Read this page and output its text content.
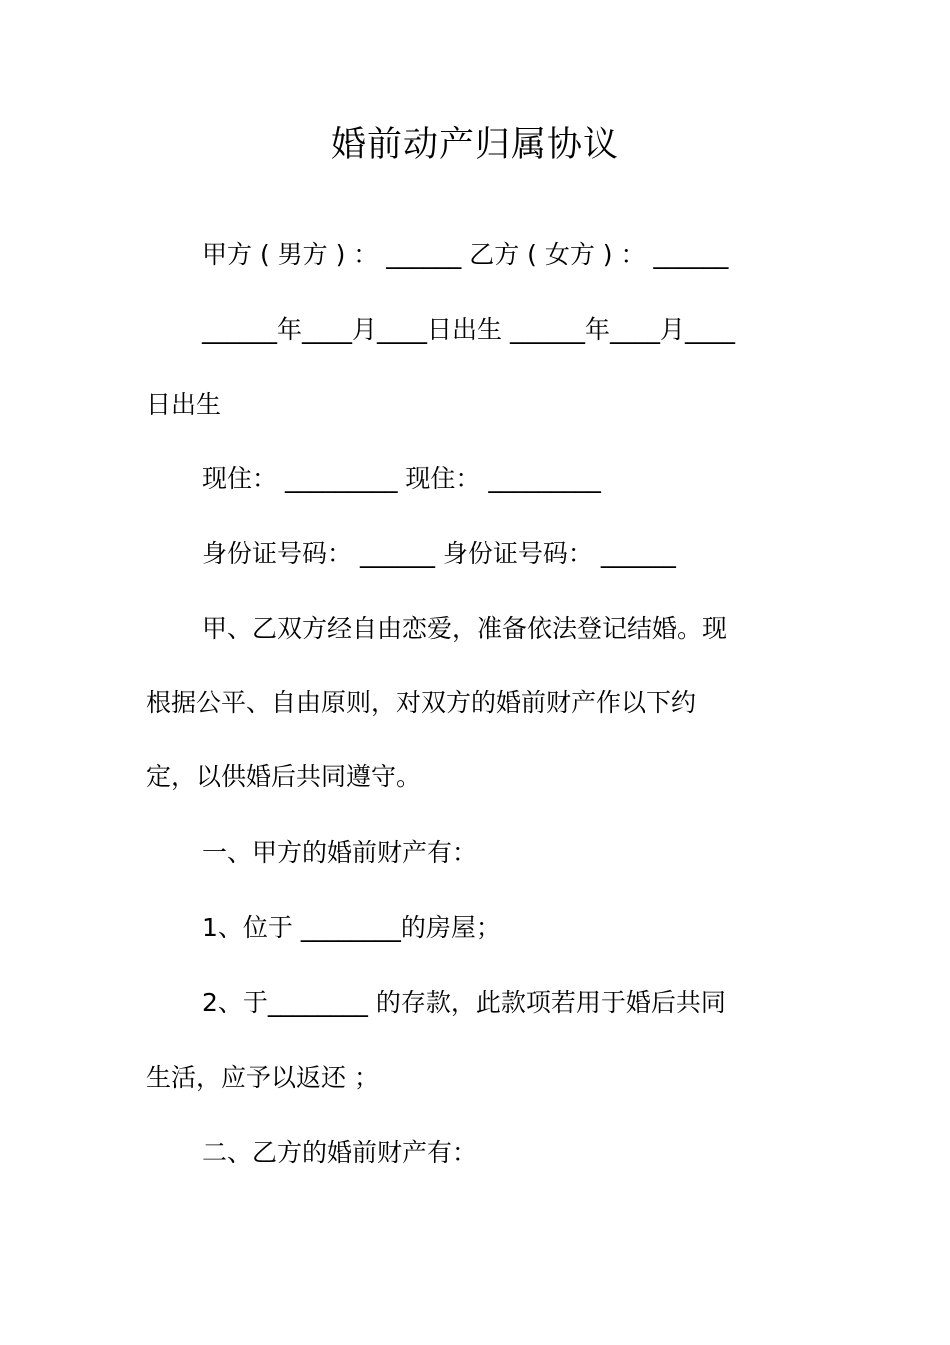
婚前动产归属协议
甲方 ( 男方 ) ： ______ 乙方 ( 女方 ) ： ______
______年____月____日出生 ______年____月____
日出生
现住： _________ 现住： _________
身份证号码： ______ 身份证号码： ______
甲、乙双方经自由恋爱，准备依法登记结婚。现
根据公平、自由原则，对双方的婚前财产作以下约
定，以供婚后共同遵守。
一、甲方的婚前财产有：
1、位于 ________的房屋；
2、于________ 的存款，此款项若用于婚后共同
生活，应予以返还 ；
二、乙方的婚前财产有：
